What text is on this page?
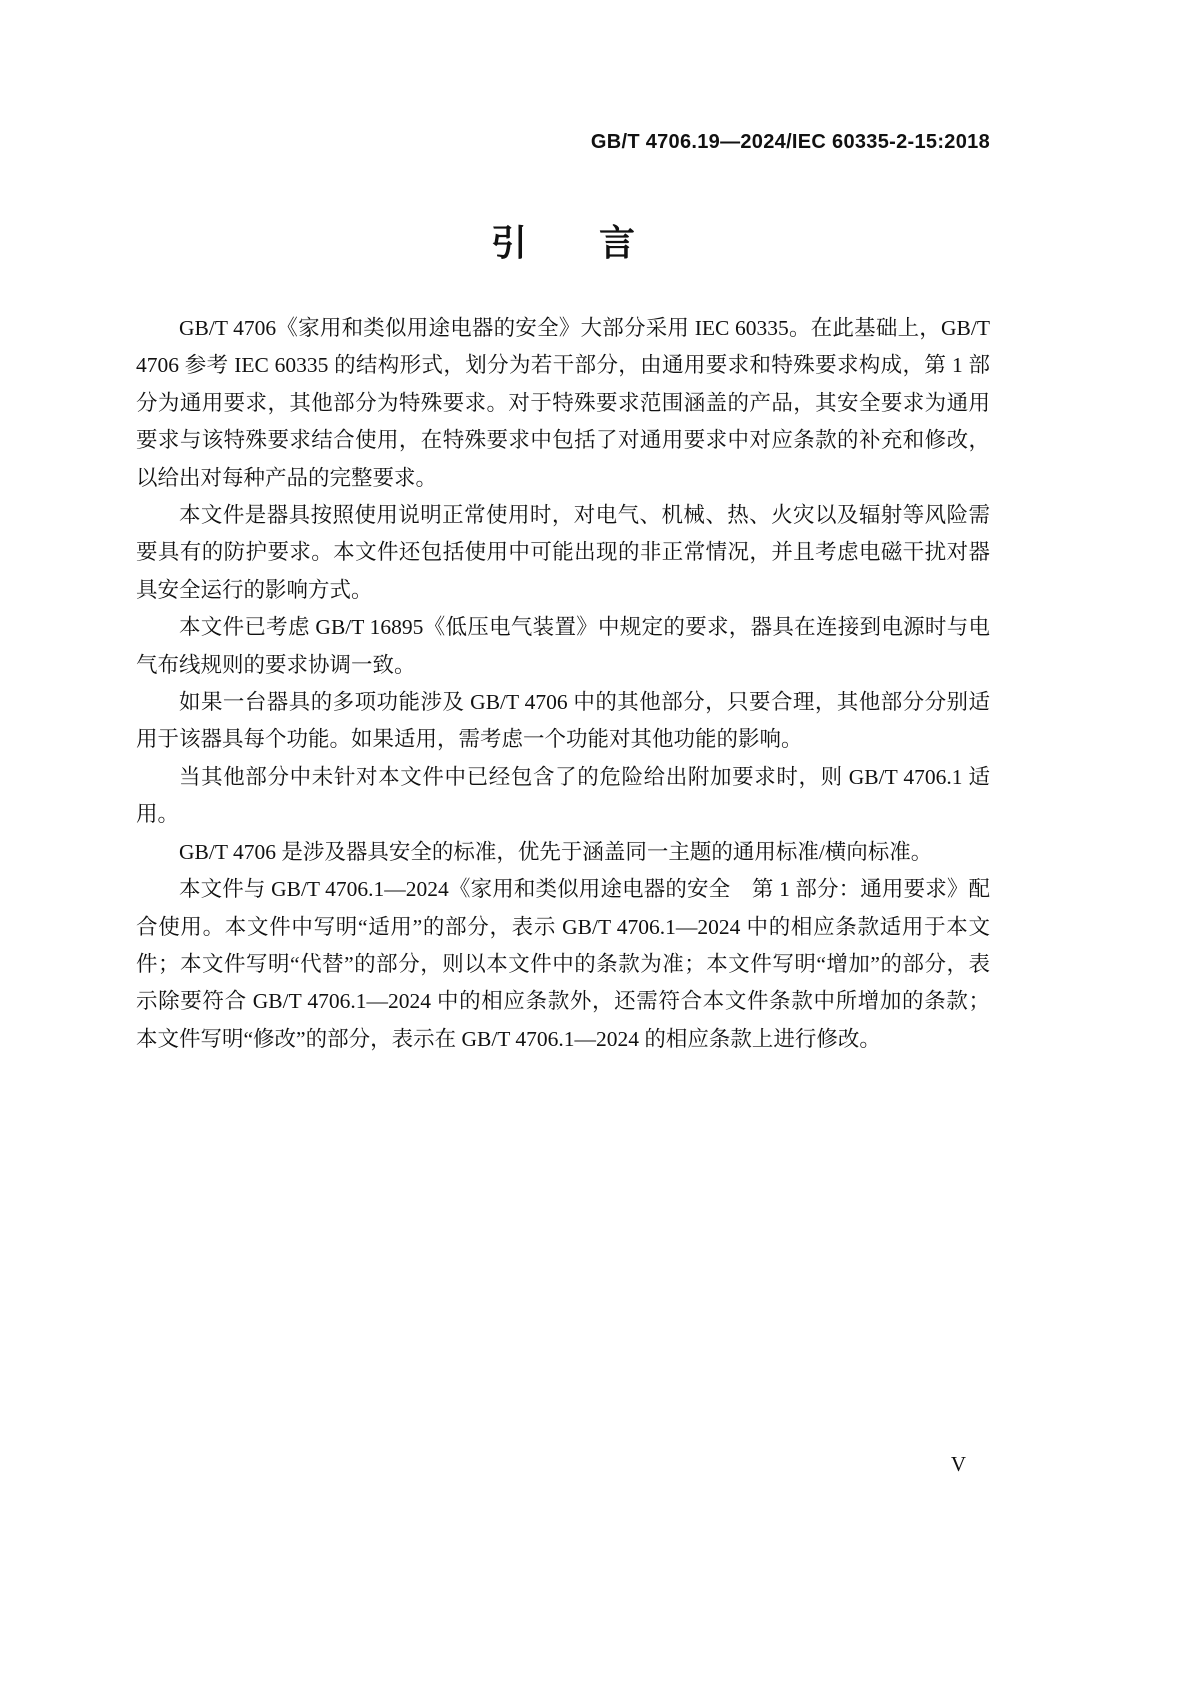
GB/T 4706.19—2024/IEC 60335-2-15:2018
引　　言

GB/T 4706《家用和类似用途电器的安全》大部分采用 IEC 60335。在此基础上，GB/T 4706 参考 IEC 60335 的结构形式，划分为若干部分，由通用要求和特殊要求构成，第 1 部分为通用要求，其他部分为特殊要求。对于特殊要求范围涵盖的产品，其安全要求为通用要求与该特殊要求结合使用，在特殊要求中包括了对通用要求中对应条款的补充和修改，以给出对每种产品的完整要求。

本文件是器具按照使用说明正常使用时，对电气、机械、热、火灾以及辐射等风险需要具有的防护要求。本文件还包括使用中可能出现的非正常情况，并且考虑电磁干扰对器具安全运行的影响方式。

本文件已考虑 GB/T 16895《低压电气装置》中规定的要求，器具在连接到电源时与电气布线规则的要求协调一致。

如果一台器具的多项功能涉及 GB/T 4706 中的其他部分，只要合理，其他部分分别适用于该器具每个功能。如果适用，需考虑一个功能对其他功能的影响。

当其他部分中未针对本文件中已经包含了的危险给出附加要求时，则 GB/T 4706.1 适用。

GB/T 4706 是涉及器具安全的标准，优先于涵盖同一主题的通用标准/横向标准。

本文件与 GB/T 4706.1—2024《家用和类似用途电器的安全　第 1 部分：通用要求》配合使用。本文件中写明“适用”的部分，表示 GB/T 4706.1—2024 中的相应条款适用于本文件；本文件写明“代替”的部分，则以本文件中的条款为准；本文件写明“增加”的部分，表示除要符合 GB/T 4706.1—2024 中的相应条款外，还需符合本文件条款中所增加的条款；本文件写明“修改”的部分，表示在 GB/T 4706.1—2024 的相应条款上进行修改。

V
